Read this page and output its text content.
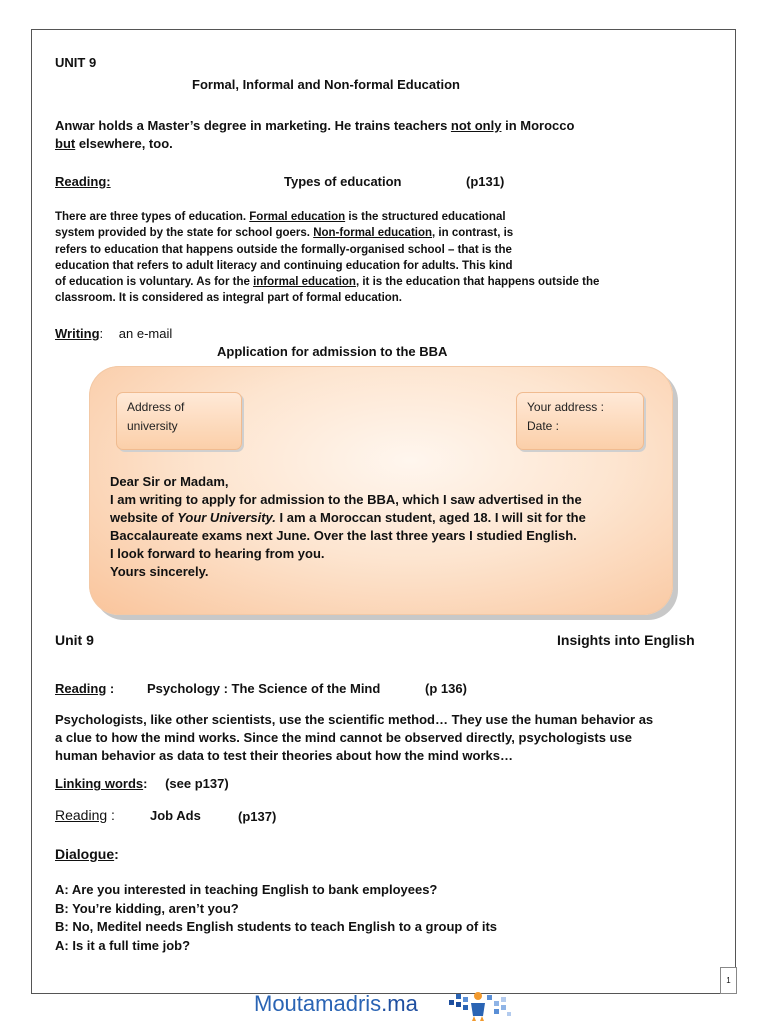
UNIT 9
Formal, Informal and Non-formal Education
Anwar holds a Master’s degree in marketing. He trains teachers not only in Morocco
but elsewhere, too.
Reading:	Types of education	(p131)

There are three types of education. Formal education is the structured educational

system provided by the state for school goers. Non-formal education, in contrast, is

refers to education that happens outside the formally-organised school – that is the

education that refers to adult literacy and continuing education for adults. This kind

of education is voluntary. As for the informal education, it is the education that happens outside the

classroom. It is considered as integral part of formal education.

Writing: an e-mail
Application for admission to the BBA

Address of

university

Your address :

Date :

Dear Sir or Madam,

I am writing to apply for admission to the BBA, which I saw advertised in the

website of Your University. I am a Moroccan student, aged 18. I will sit for the

Baccalaureate exams next June. Over the last three years I studied English.

I look forward to hearing from you.

Yours sincerely.

Unit 9	Insights into English
Reading :	Psychology : The Science of the Mind	(p 136)

Psychologists, like other scientists, use the scientific method… They use the human behavior as

a clue to how the mind works. Since the mind cannot be observed directly, psychologists use

human behavior as data to test their theories about how the mind works…

Linking words: (see p137)
Reading :	Job Ads	(p137)
Dialogue:

A: Are you interested in teaching English to bank employees?

B: You’re kidding, aren’t you?

B: No, Meditel needs English students to teach English to a group of its

A: Is it a full time job?

1
Moutamadris.ma
